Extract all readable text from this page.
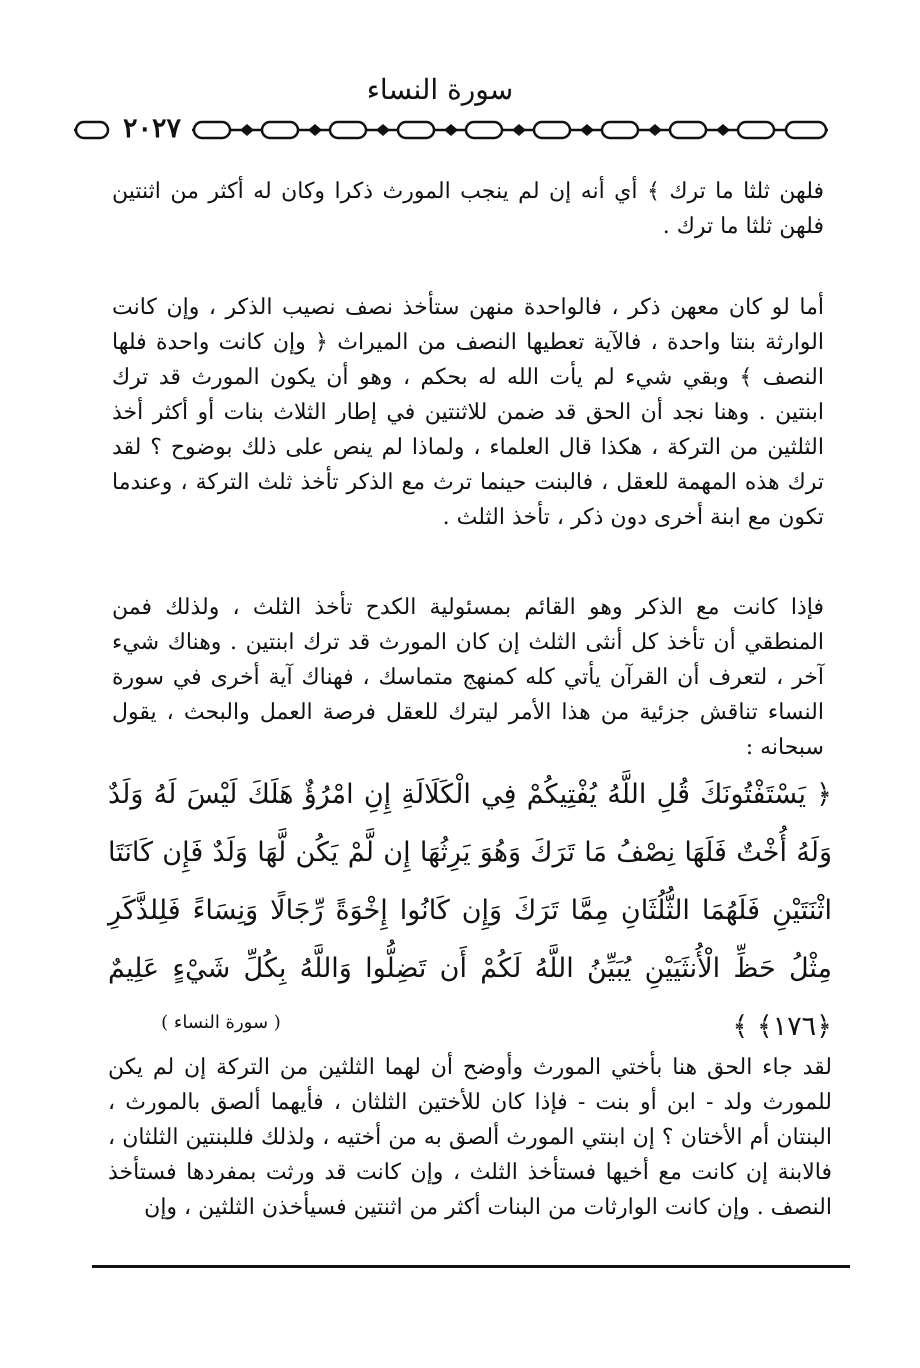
سورة النساء
٢٠٢٧

فلهن ثلثا ما ترك ﴾ أي أنه إن لم ينجب المورث ذكرا وكان له أكثر من اثنتين فلهن ثلثا ما ترك .

أما لو كان معهن ذكر ، فالواحدة منهن ستأخذ نصف نصيب الذكر ، وإن كانت الوارثة بنتا واحدة ، فالآية تعطيها النصف من الميراث ﴿ وإن كانت واحدة فلها النصف ﴾ وبقي شيء لم يأت الله له بحكم ، وهو أن يكون المورث قد ترك ابنتين . وهنا نجد أن الحق قد ضمن للاثنتين في إطار الثلاث بنات أو أكثر أخذ الثلثين من التركة ، هكذا قال العلماء ، ولماذا لم ينص على ذلك بوضوح ؟ لقد ترك هذه المهمة للعقل ، فالبنت حينما ترث مع الذكر تأخذ ثلث التركة ، وعندما تكون مع ابنة أخرى دون ذكر ، تأخذ الثلث .

فإذا كانت مع الذكر وهو القائم بمسئولية الكدح تأخذ الثلث ، ولذلك فمن المنطقي أن تأخذ كل أنثى الثلث إن كان المورث قد ترك ابنتين . وهناك شيء آخر ، لتعرف أن القرآن يأتي كله كمنهج متماسك ، فهناك آية أخرى في سورة النساء تناقش جزئية من هذا الأمر ليترك للعقل فرصة العمل والبحث ، يقول سبحانه :

﴿ يَسْتَفْتُونَكَ قُلِ اللَّهُ يُفْتِيكُمْ فِي الْكَلَالَةِ إِنِ امْرُؤٌ هَلَكَ لَيْسَ لَهُ وَلَدٌ وَلَهُ أُخْتٌ فَلَهَا نِصْفُ مَا تَرَكَ وَهُوَ يَرِثُهَا إِن لَّمْ يَكُن لَّهَا وَلَدٌ فَإِن كَانَتَا اثْنَتَيْنِ فَلَهُمَا الثُّلُثَانِ مِمَّا تَرَكَ وَإِن كَانُوا إِخْوَةً رِّجَالًا وَنِسَاءً فَلِلذَّكَرِ مِثْلُ حَظِّ الْأُنثَيَيْنِ يُبَيِّنُ اللَّهُ لَكُمْ أَن تَضِلُّوا وَاللَّهُ بِكُلِّ شَيْءٍ عَلِيمٌ ﴿١٧٦﴾ ﴾

( سورة النساء )

لقد جاء الحق هنا بأختي المورث وأوضح أن لهما الثلثين من التركة إن لم يكن للمورث ولد - ابن أو بنت - فإذا كان للأختين الثلثان ، فأيهما ألصق بالمورث ، البنتان أم الأختان ؟ إن ابنتي المورث ألصق به من أختيه ، ولذلك فللبنتين الثلثان ، فالابنة إن كانت مع أخيها فستأخذ الثلث ، وإن كانت قد ورثت بمفردها فستأخذ النصف . وإن كانت الوارثات من البنات أكثر من اثنتين فسيأخذن الثلثين ، وإن
